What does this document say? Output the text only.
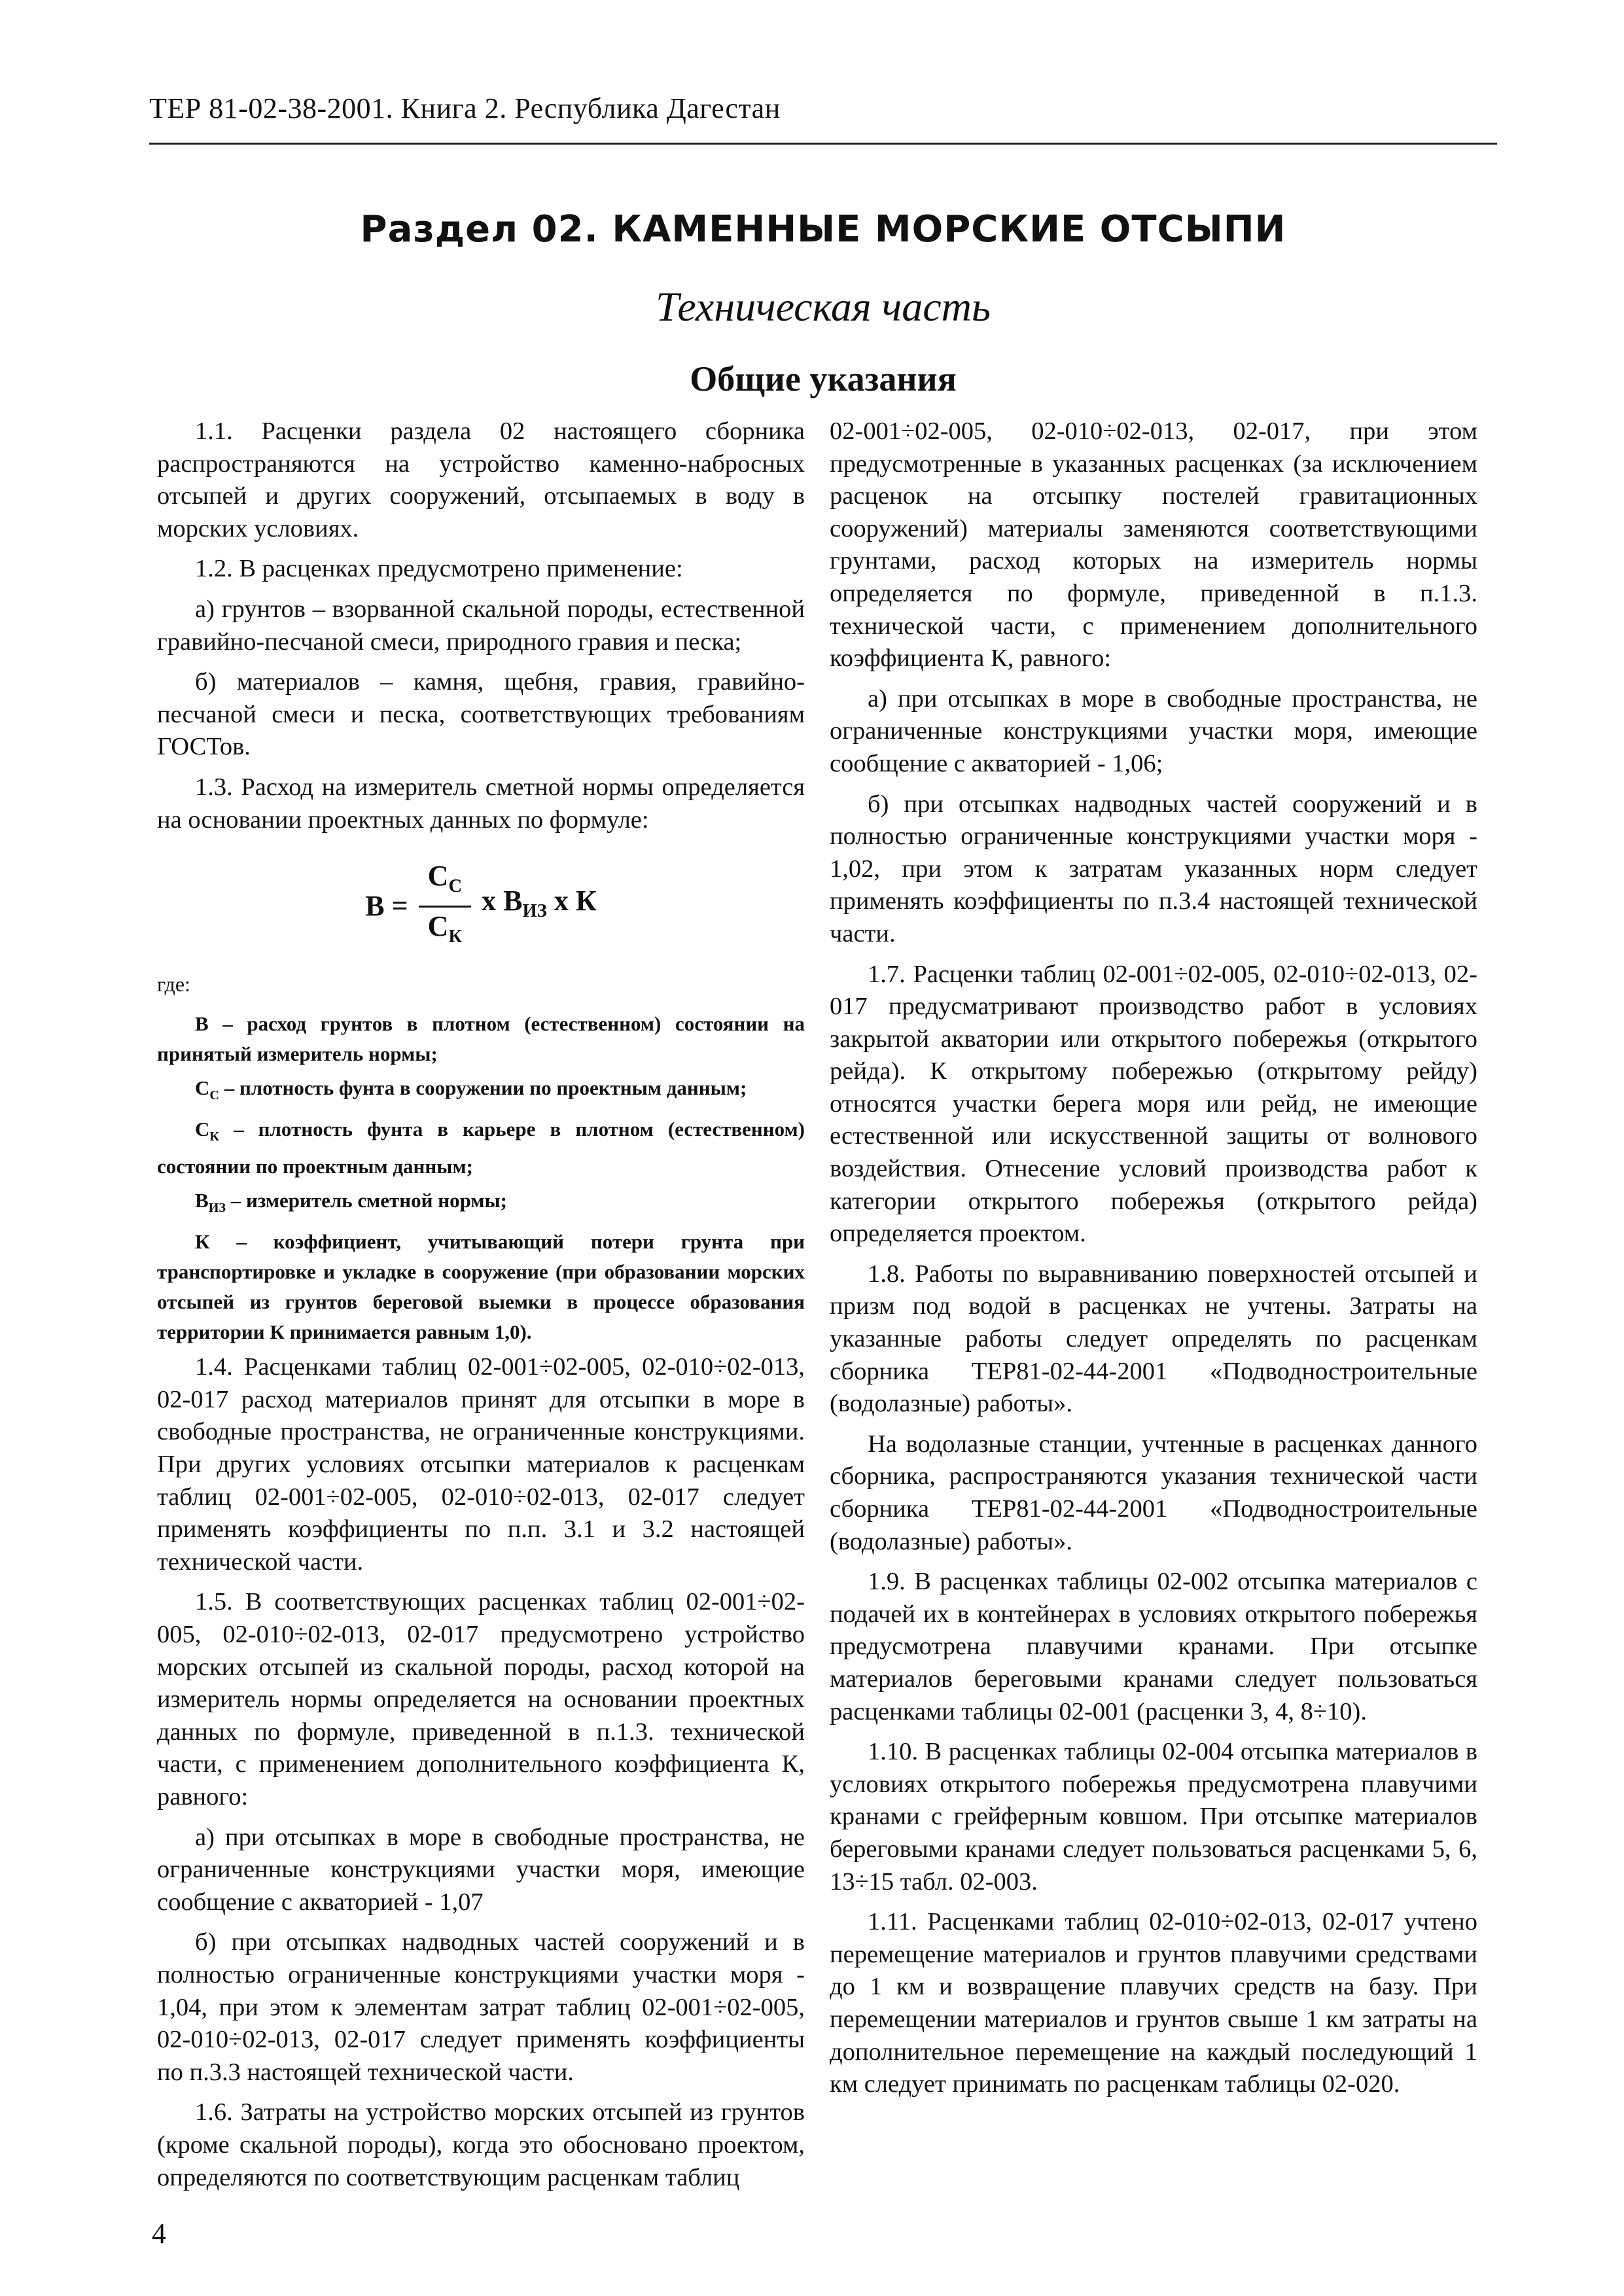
ТЕР 81-02-38-2001. Книга 2. Республика Дагестан
Раздел 02. КАМЕННЫЕ МОРСКИЕ ОТСЫПИ
Техническая часть
Общие указания

1.1. Расценки раздела 02 настоящего сборника распространяются на устройство каменно-набросных отсыпей и других сооружений, отсыпаемых в воду в морских условиях.

1.2. В расценках предусмотрено применение:

а) грунтов – взорванной скальной породы, естественной гравийно-песчаной смеси, природного гравия и песка;

б) материалов – камня, щебня, гравия, гравийно-песчаной смеси и песка, соответствующих требованиям ГОСТов.

1.3. Расход на измеритель сметной нормы определяется на основании проектных данных по формуле:

$В = \frac{С_С}{С_К}$ х $В_{ИЗ}$ х К

где:

В – расход грунтов в плотном (естественном) состоянии на принятый измеритель нормы;

$С_С$ – плотность фунта в сооружении по проектным данным;

$С_К$ – плотность фунта в карьере в плотном (естественном) состоянии по проектным данным;

$В_{ИЗ}$ – измеритель сметной нормы;

К – коэффициент, учитывающий потери грунта при транспортировке и укладке в сооружение (при образовании морских отсыпей из грунтов береговой выемки в процессе образования территории К принимается равным 1,0).

1.4. Расценками таблиц 02-001÷02-005, 02-010÷02-013, 02-017 расход материалов принят для отсыпки в море в свободные пространства, не ограниченные конструкциями. При других условиях отсыпки материалов к расценкам таблиц 02-001÷02-005, 02-010÷02-013, 02-017 следует применять коэффициенты по п.п. 3.1 и 3.2 настоящей технической части.

1.5. В соответствующих расценках таблиц 02-001÷02-005, 02-010÷02-013, 02-017 предусмотрено устройство морских отсыпей из скальной породы, расход которой на измеритель нормы определяется на основании проектных данных по формуле, приведенной в п.1.3. технической части, с применением дополнительного коэффициента К, равного:

а) при отсыпках в море в свободные пространства, не ограниченные конструкциями участки моря, имеющие сообщение с акваторией - 1,07

б) при отсыпках надводных частей сооружений и в полностью ограниченные конструкциями участки моря - 1,04, при этом к элементам затрат таблиц 02-001÷02-005, 02-010÷02-013, 02-017 следует применять коэффициенты по п.3.3 настоящей технической части.

1.6. Затраты на устройство морских отсыпей из грунтов (кроме скальной породы), когда это обосновано проектом, определяются по соответствующим расценкам таблиц

02-001÷02-005, 02-010÷02-013, 02-017, при этом предусмотренные в указанных расценках (за исключением расценок на отсыпку постелей гравитационных сооружений) материалы заменяются соответствующими грунтами, расход которых на измеритель нормы определяется по формуле, приведенной в п.1.3. технической части, с применением дополнительного коэффициента К, равного:

а) при отсыпках в море в свободные пространства, не ограниченные конструкциями участки моря, имеющие сообщение с акваторией - 1,06;

б) при отсыпках надводных частей сооружений и в полностью ограниченные конструкциями участки моря - 1,02, при этом к затратам указанных норм следует применять коэффициенты по п.3.4 настоящей технической части.

1.7. Расценки таблиц 02-001÷02-005, 02-010÷02-013, 02-017 предусматривают производство работ в условиях закрытой акватории или открытого побережья (открытого рейда). К открытому побережью (открытому рейду) относятся участки берега моря или рейд, не имеющие естественной или искусственной защиты от волнового воздействия. Отнесение условий производства работ к категории открытого побережья (открытого рейда) определяется проектом.

1.8. Работы по выравниванию поверхностей отсыпей и призм под водой в расценках не учтены. Затраты на указанные работы следует определять по расценкам сборника ТЕР81-02-44-2001 «Подводностроительные (водолазные) работы».

На водолазные станции, учтенные в расценках данного сборника, распространяются указания технической части сборника ТЕР81-02-44-2001 «Подводностроительные (водолазные) работы».

1.9. В расценках таблицы 02-002 отсыпка материалов с подачей их в контейнерах в условиях открытого побережья предусмотрена плавучими кранами. При отсыпке материалов береговыми кранами следует пользоваться расценками таблицы 02-001 (расценки 3, 4, 8÷10).

1.10. В расценках таблицы 02-004 отсыпка материалов в условиях открытого побережья предусмотрена плавучими кранами с грейферным ковшом. При отсыпке материалов береговыми кранами следует пользоваться расценками 5, 6, 13÷15 табл. 02-003.

1.11. Расценками таблиц 02-010÷02-013, 02-017 учтено перемещение материалов и грунтов плавучими средствами до 1 км и возвращение плавучих средств на базу. При перемещении материалов и грунтов свыше 1 км затраты на дополнительное перемещение на каждый последующий 1 км следует принимать по расценкам таблицы 02-020.

4
